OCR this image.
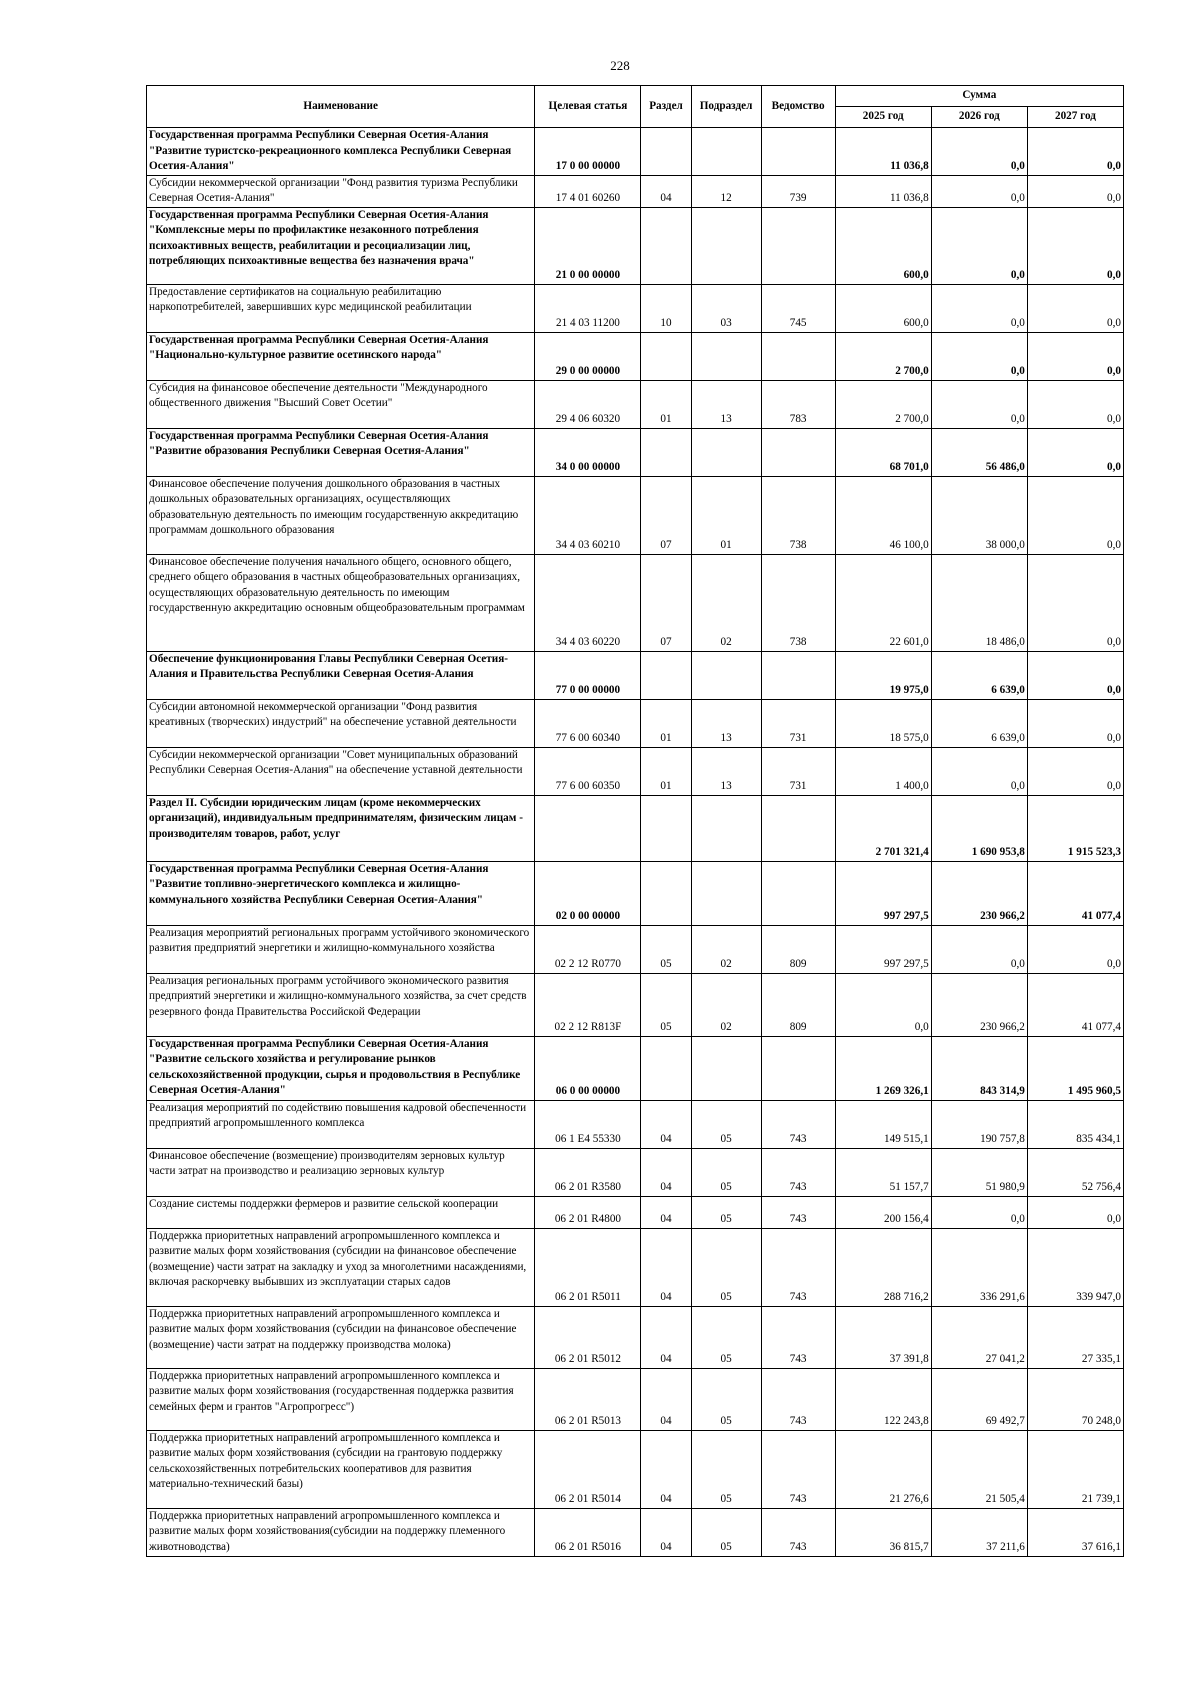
228
Наименование	Целевая статья	Раздел	Подраздел	Ведомство	Сумма		
					2025 год	2026 год	2027 год
Государственная программа Республики Северная Осетия-Алания "Развитие туристско-рекреационного комплекса Республики Северная Осетия-Алания"	17 0 00 00000				11 036,8	0,0	0,0
Субсидии некоммерческой организации "Фонд развития туризма Республики Северная Осетия-Алания"	17 4 01 60260	04	12	739	11 036,8	0,0	0,0
Государственная программа Республики Северная Осетия-Алания "Комплексные меры по профилактике незаконного потребления психоактивных веществ, реабилитации и ресоциализации лиц, потребляющих психоактивные вещества без назначения врача"	21 0 00 00000				600,0	0,0	0,0
Предоставление сертификатов на социальную реабилитацию наркопотребителей, завершивших курс медицинской реабилитации	21 4 03 11200	10	03	745	600,0	0,0	0,0
Государственная программа Республики Северная Осетия-Алания "Национально-культурное развитие осетинского народа"	29 0 00 00000				2 700,0	0,0	0,0
Субсидия на финансовое обеспечение деятельности "Международного общественного движения "Высший Совет Осетии"	29 4 06 60320	01	13	783	2 700,0	0,0	0,0
Государственная программа Республики Северная Осетия-Алания "Развитие образования Республики Северная Осетия-Алания"	34 0 00 00000				68 701,0	56 486,0	0,0
Финансовое обеспечение получения дошкольного образования в частных дошкольных образовательных организациях, осуществляющих образовательную деятельность по имеющим государственную аккредитацию программам дошкольного образования	34 4 03 60210	07	01	738	46 100,0	38 000,0	0,0
Финансовое обеспечение получения начального общего, основного общего, среднего общего образования в частных общеобразовательных организациях, осуществляющих образовательную деятельность по имеющим государственную аккредитацию основным общеобразовательным программам	34 4 03 60220	07	02	738	22 601,0	18 486,0	0,0
Обеспечение функционирования Главы Республики Северная Осетия-Алания и Правительства Республики Северная Осетия-Алания	77 0 00 00000				19 975,0	6 639,0	0,0
Субсидии автономной некоммерческой организации "Фонд развития креативных (творческих) индустрий" на обеспечение уставной деятельности	77 6 00 60340	01	13	731	18 575,0	6 639,0	0,0
Субсидии некоммерческой организации "Совет муниципальных образований Республики Северная Осетия-Алания" на обеспечение уставной деятельности	77 6 00 60350	01	13	731	1 400,0	0,0	0,0
Раздел II. Субсидии юридическим лицам (кроме некоммерческих организаций), индивидуальным предпринимателям, физическим лицам - производителям товаров, работ, услуг					2 701 321,4	1 690 953,8	1 915 523,3
Государственная программа Республики Северная Осетия-Алания "Развитие топливно-энергетического комплекса и жилищно-коммунального хозяйства Республики Северная Осетия-Алания"	02 0 00 00000				997 297,5	230 966,2	41 077,4
Реализация мероприятий региональных программ устойчивого экономического развития предприятий энергетики и жилищно-коммунального хозяйства	02 2 12 R0770	05	02	809	997 297,5	0,0	0,0
Реализация региональных программ устойчивого экономического развития предприятий энергетики и жилищно-коммунального хозяйства, за счет средств резервного фонда Правительства Российской Федерации	02 2 12 R813F	05	02	809	0,0	230 966,2	41 077,4
Государственная программа Республики Северная Осетия-Алания "Развитие сельского хозяйства и регулирование рынков сельскохозяйственной продукции, сырья и продовольствия в Республике Северная Осетия-Алания"	06 0 00 00000				1 269 326,1	843 314,9	1 495 960,5
Реализация мероприятий по содействию повышения кадровой обеспеченности предприятий агропромышленного комплекса	06 1 Е4 55330	04	05	743	149 515,1	190 757,8	835 434,1
Финансовое обеспечение (возмещение) производителям зерновых культур части затрат на производство и реализацию зерновых культур	06 2 01 R3580	04	05	743	51 157,7	51 980,9	52 756,4
Создание системы поддержки фермеров и развитие сельской кооперации	06 2 01 R4800	04	05	743	200 156,4	0,0	0,0
Поддержка приоритетных направлений агропромышленного комплекса и развитие малых форм хозяйствования (субсидии на финансовое обеспечение (возмещение) части затрат на закладку и уход за многолетними насаждениями, включая раскорчевку выбывших из эксплуатации старых садов	06 2 01 R5011	04	05	743	288 716,2	336 291,6	339 947,0
Поддержка приоритетных направлений агропромышленного комплекса и развитие малых форм хозяйствования (субсидии на финансовое обеспечение (возмещение) части затрат на поддержку производства молока)	06 2 01 R5012	04	05	743	37 391,8	27 041,2	27 335,1
Поддержка приоритетных направлений агропромышленного комплекса и развитие малых форм хозяйствования (государственная поддержка развития семейных ферм и грантов "Агропрогресс")	06 2 01 R5013	04	05	743	122 243,8	69 492,7	70 248,0
Поддержка приоритетных направлений агропромышленного комплекса и развитие малых форм хозяйствования (субсидии на грантовую поддержку сельскохозяйственных потребительских кооперативов для развития материально-технический базы)	06 2 01 R5014	04	05	743	21 276,6	21 505,4	21 739,1
Поддержка приоритетных направлений агропромышленного комплекса и развитие малых форм хозяйствования(субсидии на поддержку племенного животноводства)	06 2 01 R5016	04	05	743	36 815,7	37 211,6	37 616,1
